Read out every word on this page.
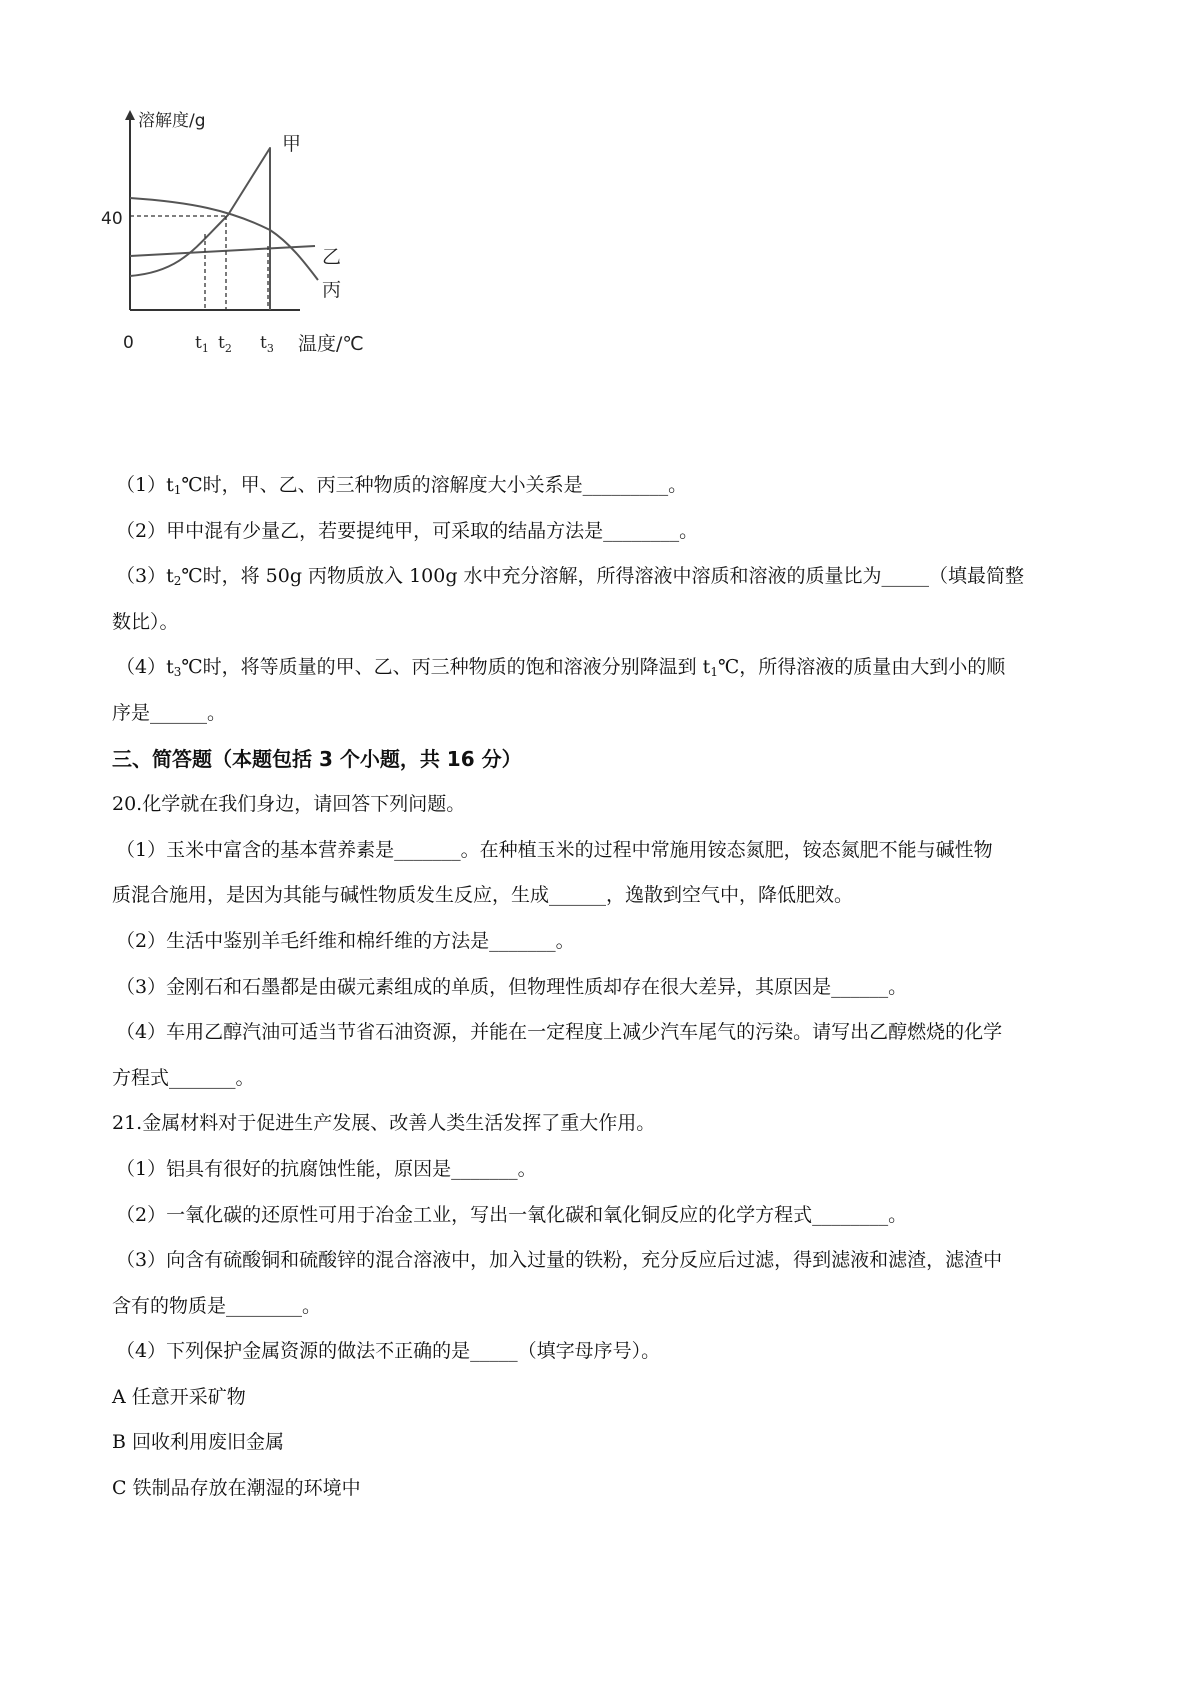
溶解度/g
40
0	$t_1$ $t_2$ $t_3$ 温度/℃
甲
乙
丙
$(1)t_1℃$时，甲、乙、丙三种物质的溶解度大小关系是_________。
（2）甲中混有少量乙，若要提纯甲，可采取的结晶方法是________。
$(3)t_2℃$时，将 50g 丙物质放入 100g 水中充分溶解，所得溶液中溶质和溶液的质量比为_____（填最简整
数比）。
$(4)t_3℃$时，将等质量的甲、乙、丙三种物质的饱和溶液分别降温到 $t_1℃$，所得溶液的质量由大到小的顺
序是______。
三、简答题（本题包括 3 个小题，共 16 分）
20.化学就在我们身边，请回答下列问题。
（1）玉米中富含的基本营养素是_______。在种植玉米的过程中常施用铵态氮肥，铵态氮肥不能与碱性物
质混合施用，是因为其能与碱性物质发生反应，生成______，逸散到空气中，降低肥效。
（2）生活中鉴别羊毛纤维和棉纤维的方法是_______。
（3）金刚石和石墨都是由碳元素组成的单质，但物理性质却存在很大差异，其原因是______。
（4）车用乙醇汽油可适当节省石油资源，并能在一定程度上减少汽车尾气的污染。请写出乙醇燃烧的化学
方程式_______。
21.金属材料对于促进生产发展、改善人类生活发挥了重大作用。
（1）铝具有很好的抗腐蚀性能，原因是_______。
（2）一氧化碳的还原性可用于冶金工业，写出一氧化碳和氧化铜反应的化学方程式________。
（3）向含有硫酸铜和硫酸锌的混合溶液中，加入过量的铁粉，充分反应后过滤，得到滤液和滤渣，滤渣中
含有的物质是________。
（4）下列保护金属资源的做法不正确的是_____（填字母序号）。
A 任意开采矿物
B 回收利用废旧金属
C 铁制品存放在潮湿的环境中
